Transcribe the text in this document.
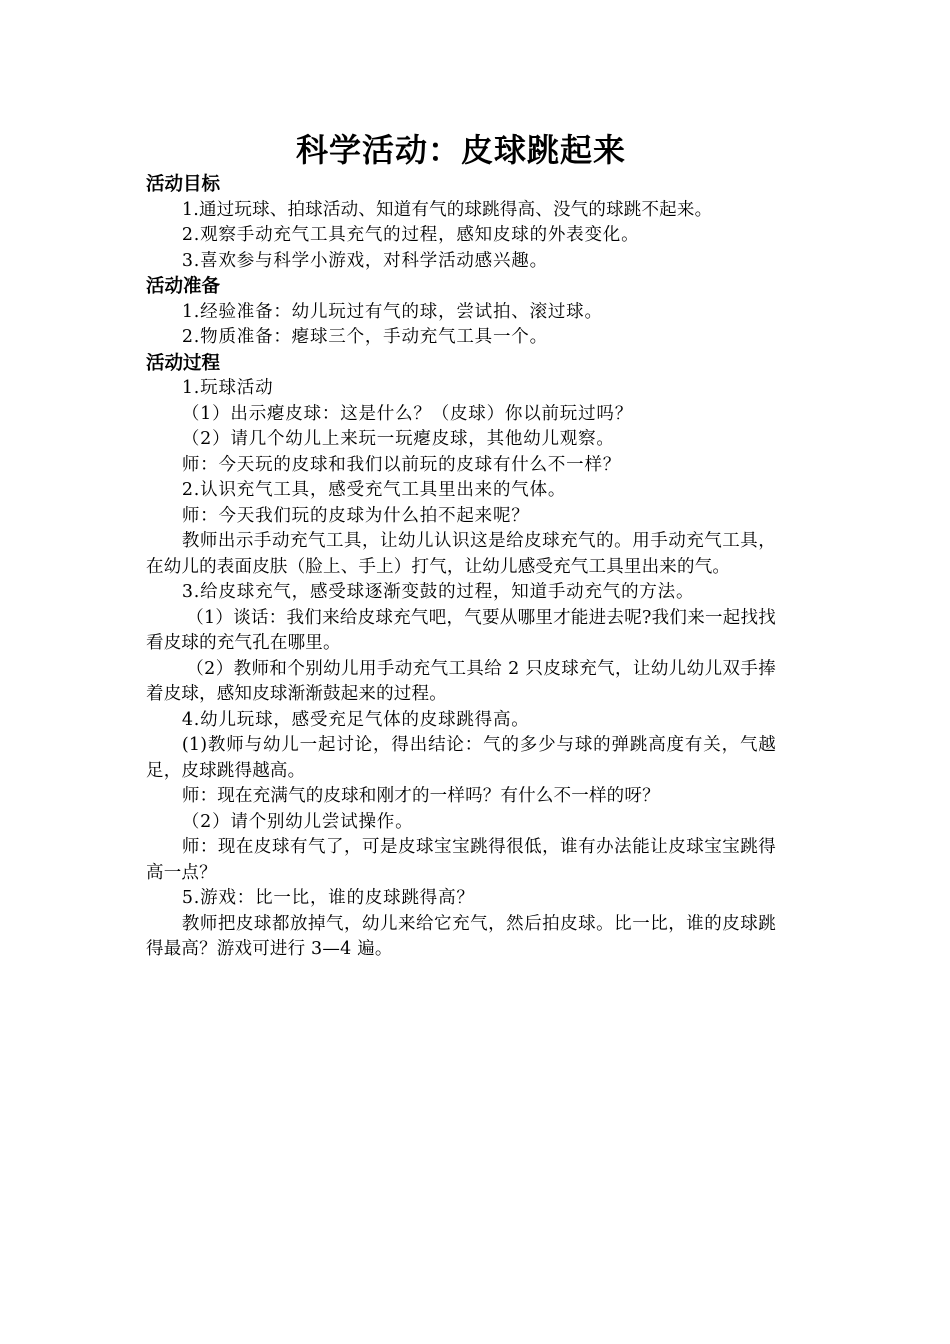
科学活动：皮球跳起来
活动目标

1.通过玩球、拍球活动、知道有气的球跳得高、没气的球跳不起来。

2.观察手动充气工具充气的过程，感知皮球的外表变化。

3.喜欢参与科学小游戏，对科学活动感兴趣。

活动准备

1.经验准备：幼儿玩过有气的球，尝试拍、滚过球。

2.物质准备：瘪球三个，手动充气工具一个。

活动过程

1.玩球活动

（1）出示瘪皮球：这是什么？（皮球）你以前玩过吗？

（2）请几个幼儿上来玩一玩瘪皮球，其他幼儿观察。

师：今天玩的皮球和我们以前玩的皮球有什么不一样？

2.认识充气工具，感受充气工具里出来的气体。

师：今天我们玩的皮球为什么拍不起来呢？

教师出示手动充气工具，让幼儿认识这是给皮球充气的。用手动充气工具，在幼儿的表面皮肤（脸上、手上）打气，让幼儿感受充气工具里出来的气。

3.给皮球充气，感受球逐渐变鼓的过程，知道手动充气的方法。

（1）谈话：我们来给皮球充气吧，气要从哪里才能进去呢?我们来一起找找看皮球的充气孔在哪里。

（2）教师和个别幼儿用手动充气工具给 2 只皮球充气，让幼儿幼儿双手捧着皮球，感知皮球渐渐鼓起来的过程。

4.幼儿玩球，感受充足气体的皮球跳得高。

(1)教师与幼儿一起讨论，得出结论：气的多少与球的弹跳高度有关，气越足，皮球跳得越高。

师：现在充满气的皮球和刚才的一样吗？有什么不一样的呀？

（2）请个别幼儿尝试操作。

师：现在皮球有气了，可是皮球宝宝跳得很低，谁有办法能让皮球宝宝跳得高一点？

5.游戏：比一比，谁的皮球跳得高？

教师把皮球都放掉气，幼儿来给它充气，然后拍皮球。比一比，谁的皮球跳得最高？游戏可进行 3—4 遍。
